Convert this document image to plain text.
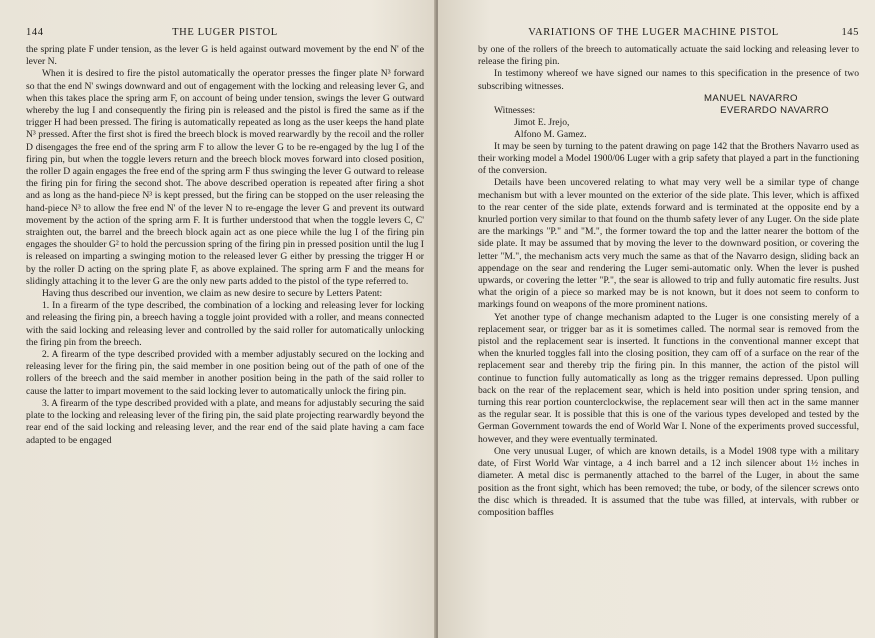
144	THE LUGER PISTOL

the spring plate F under tension, as the lever G is held against outward movement by the end N' of the lever N.

When it is desired to fire the pistol automatically the operator presses the finger plate N³ forward so that the end N' swings downward and out of engagement with the locking and releasing lever G, and when this takes place the spring arm F, on account of being under tension, swings the lever G outward whereby the lug I and consequently the firing pin is released and the pistol is fired the same as if the trigger H had been pressed. The firing is automatically repeated as long as the user keeps the hand plate N³ pressed. After the first shot is fired the breech block is moved rearwardly by the recoil and the roller D disengages the free end of the spring arm F to allow the lever G to be re-engaged by the lug I of the firing pin, but when the toggle levers return and the breech block moves forward into closed position, the roller D again engages the free end of the spring arm F thus swinging the lever G outward to release the firing pin for firing the second shot. The above described operation is repeated after firing a shot and as long as the hand-piece N³ is kept pressed, but the firing can be stopped on the user releasing the hand-piece N³ to allow the free end N' of the lever N to re-engage the lever G and prevent its outward movement by the action of the spring arm F. It is further understood that when the toggle levers C, C' straighten out, the barrel and the breech block again act as one piece while the lug I of the firing pin engages the shoulder G² to hold the percussion spring of the firing pin in pressed position until the lug I is released on imparting a swinging motion to the released lever G either by pressing the trigger H or by the roller D acting on the spring plate F, as above explained. The spring arm F and the means for slidingly attaching it to the lever G are the only new parts added to the pistol of the type referred to.

Having thus described our invention, we claim as new desire to secure by Letters Patent:

1. In a firearm of the type described, the combination of a locking and releasing lever for locking and releasing the firing pin, a breech having a toggle joint provided with a roller, and means connected with the said locking and releasing lever and controlled by the said roller for automatically unlocking the firing pin from the breech.

2. A firearm of the type described provided with a member adjustably secured on the locking and releasing lever for the firing pin, the said member in one position being out of the path of one of the rollers of the breech and the said member in another position being in the path of the said roller to cause the latter to impart movement to the said locking lever to automatically unlock the firing pin.

3. A firearm of the type described provided with a plate, and means for adjustably securing the said plate to the locking and releasing lever of the firing pin, the said plate projecting rearwardly beyond the rear end of the said locking and releasing lever, and the rear end of the said plate having a cam face adapted to be engaged

VARIATIONS OF THE LUGER MACHINE PISTOL	145

by one of the rollers of the breech to automatically actuate the said locking and releasing lever to release the firing pin.

In testimony whereof we have signed our names to this specification in the presence of two subscribing witnesses.

MANUEL NAVARRO
Witnesses:	EVERARDO NAVARRO
Jimot E. Jrejo,
Alfono M. Gamez.

It may be seen by turning to the patent drawing on page 142 that the Brothers Navarro used as their working model a Model 1900/06 Luger with a grip safety that played a part in the functioning of the conversion.

Details have been uncovered relating to what may very well be a similar type of change mechanism but with a lever mounted on the exterior of the side plate. This lever, which is affixed to the rear center of the side plate, extends forward and is terminated at the opposite end by a knurled portion very similar to that found on the thumb safety lever of any Luger. On the side plate are the markings "P." and "M.", the former toward the top and the latter nearer the bottom of the side plate. It may be assumed that by moving the lever to the downward position, or covering the letter "M.", the mechanism acts very much the same as that of the Navarro design, sliding back an appendage on the sear and rendering the Luger semi-automatic only. When the lever is pushed upwards, or covering the letter "P.", the sear is allowed to trip and fully automatic fire results. Just what the origin of a piece so marked may be is not known, but it does not seem to conform to markings found on weapons of the more prominent nations.

Yet another type of change mechanism adapted to the Luger is one consisting merely of a replacement sear, or trigger bar as it is sometimes called. The normal sear is removed from the pistol and the replacement sear is inserted. It functions in the conventional manner except that when the knurled toggles fall into the closing position, they cam off of a surface on the rear of the replacement sear and thereby trip the firing pin. In this manner, the action of the pistol will continue to function fully automatically as long as the trigger remains depressed. Upon pulling back on the rear of the replacement sear, which is held into position under spring tension, and turning this rear portion counterclockwise, the replacement sear will then act in the same manner as the regular sear. It is possible that this is one of the various types developed and tested by the German Government towards the end of World War I. None of the experiments proved successful, however, and they were eventually terminated.

One very unusual Luger, of which are known details, is a Model 1908 type with a military date, of First World War vintage, a 4 inch barrel and a 12 inch silencer about 1½ inches in diameter. A metal disc is permanently attached to the barrel of the Luger, in about the same position as the front sight, which has been removed; the tube, or body, of the silencer screws onto the disc which is threaded. It is assumed that the tube was filled, at intervals, with rubber or composition baffles
